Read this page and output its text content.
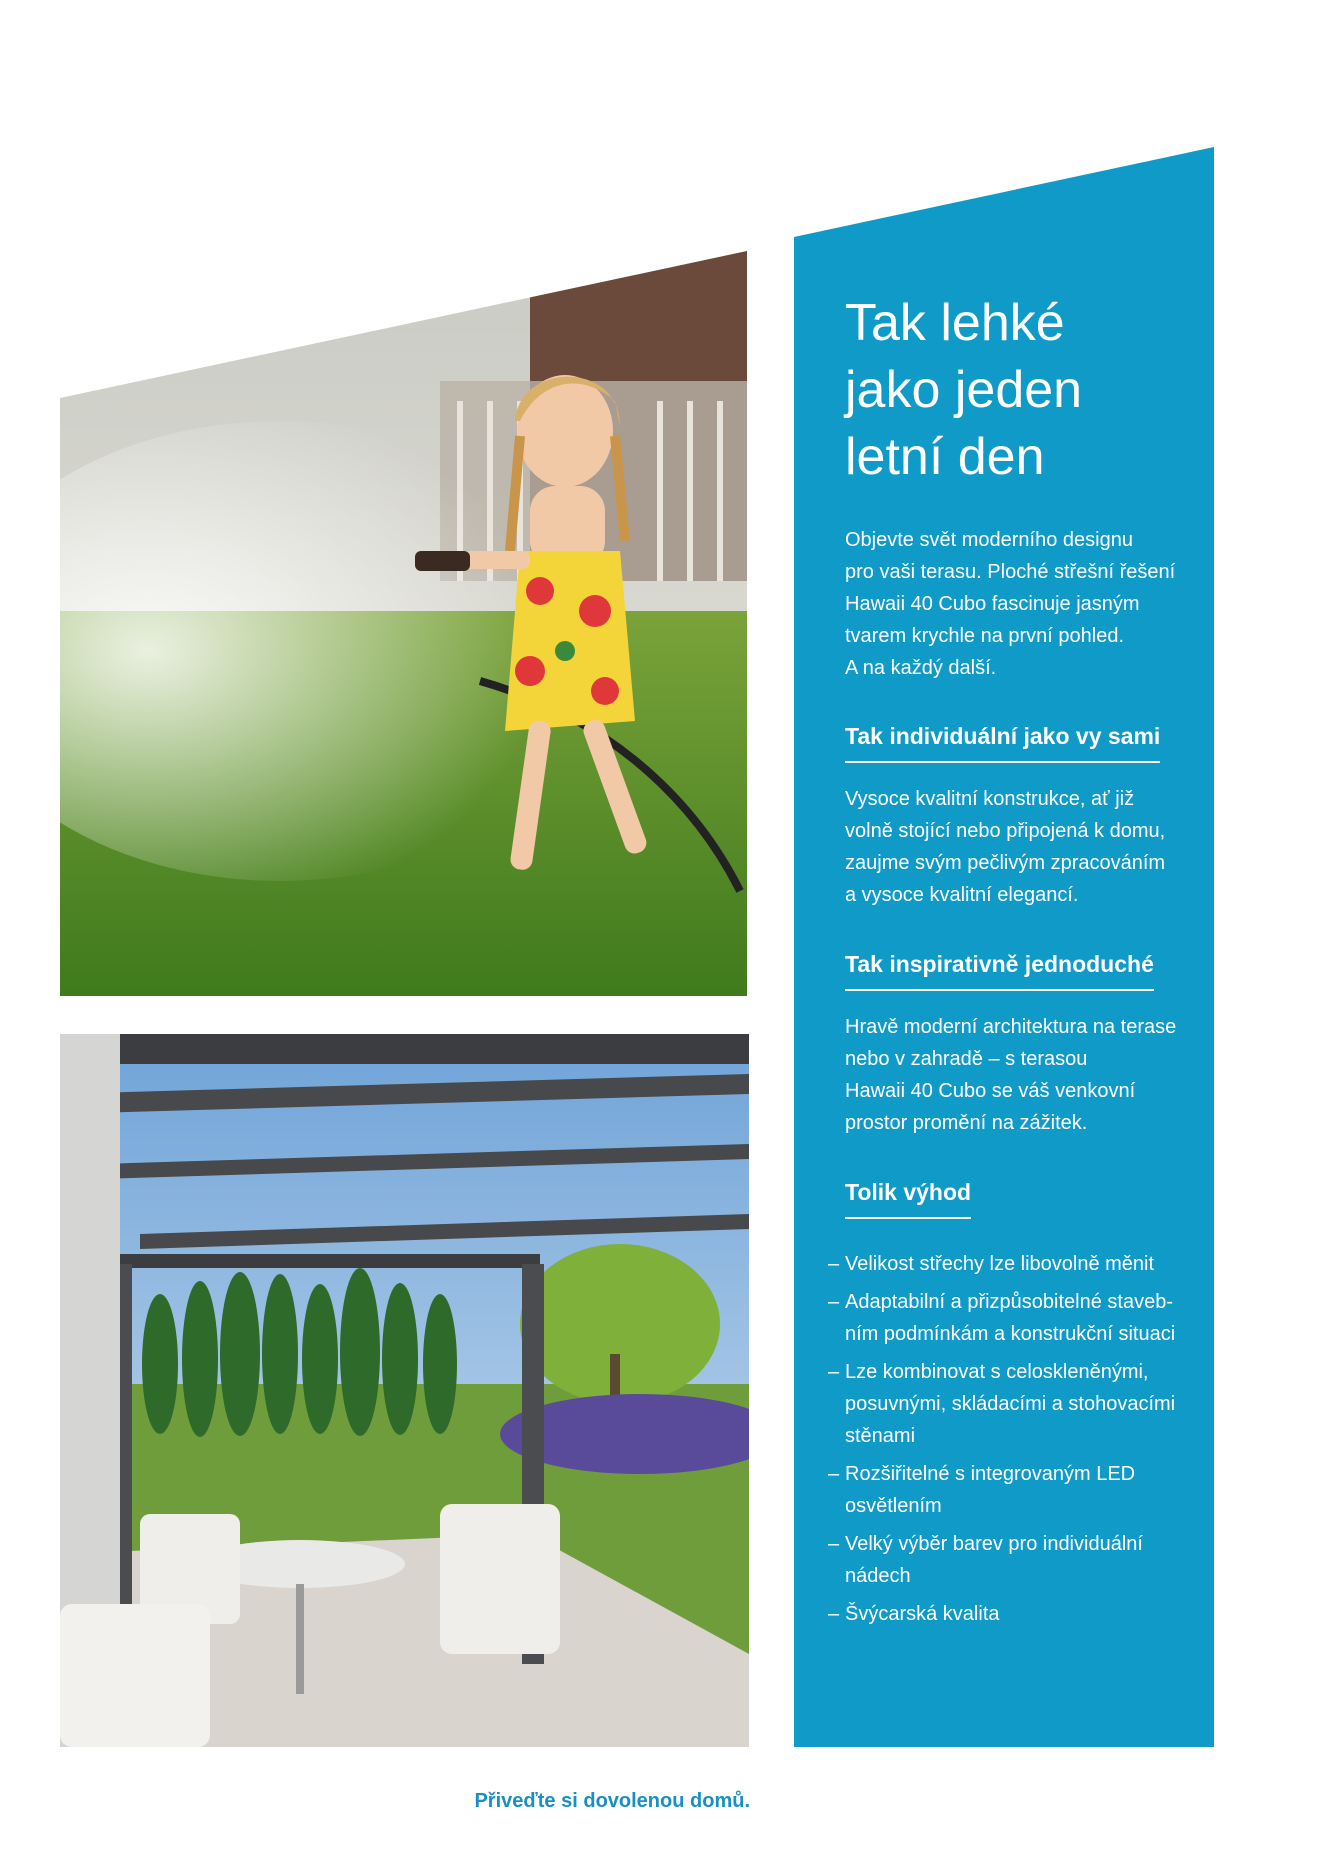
Tak lehké
jako jeden
letní den

Objevte svět moderního designu
pro vaši terasu. Ploché střešní řešení
Hawaii 40 Cubo fascinuje jasným
tvarem krychle na první pohled.
A na každý další.

Tak individuální jako vy sami

Vysoce kvalitní konstrukce, ať již
volně stojící nebo připojená k domu,
zaujme svým pečlivým zpracováním
a vysoce kvalitní elegancí.

Tak inspirativně jednoduché

Hravě moderní architektura na terase
nebo v zahradě – s terasou
Hawaii 40 Cubo se váš venkovní
prostor promění na zážitek.

Tolik výhod
– Velikost střechy lze libovolně měnit
– Adaptabilní a přizpůsobitelné staveb-
ním podmínkám a konstrukční situaci
– Lze kombinovat s celoskleněnými,
posuvnými, skládacími a stohovacími
stěnami
– Rozšiřitelné s integrovaným LED
osvětlením
– Velký výběr barev pro individuální
nádech
– Švýcarská kvalita
Přiveďte si dovolenou domů.
